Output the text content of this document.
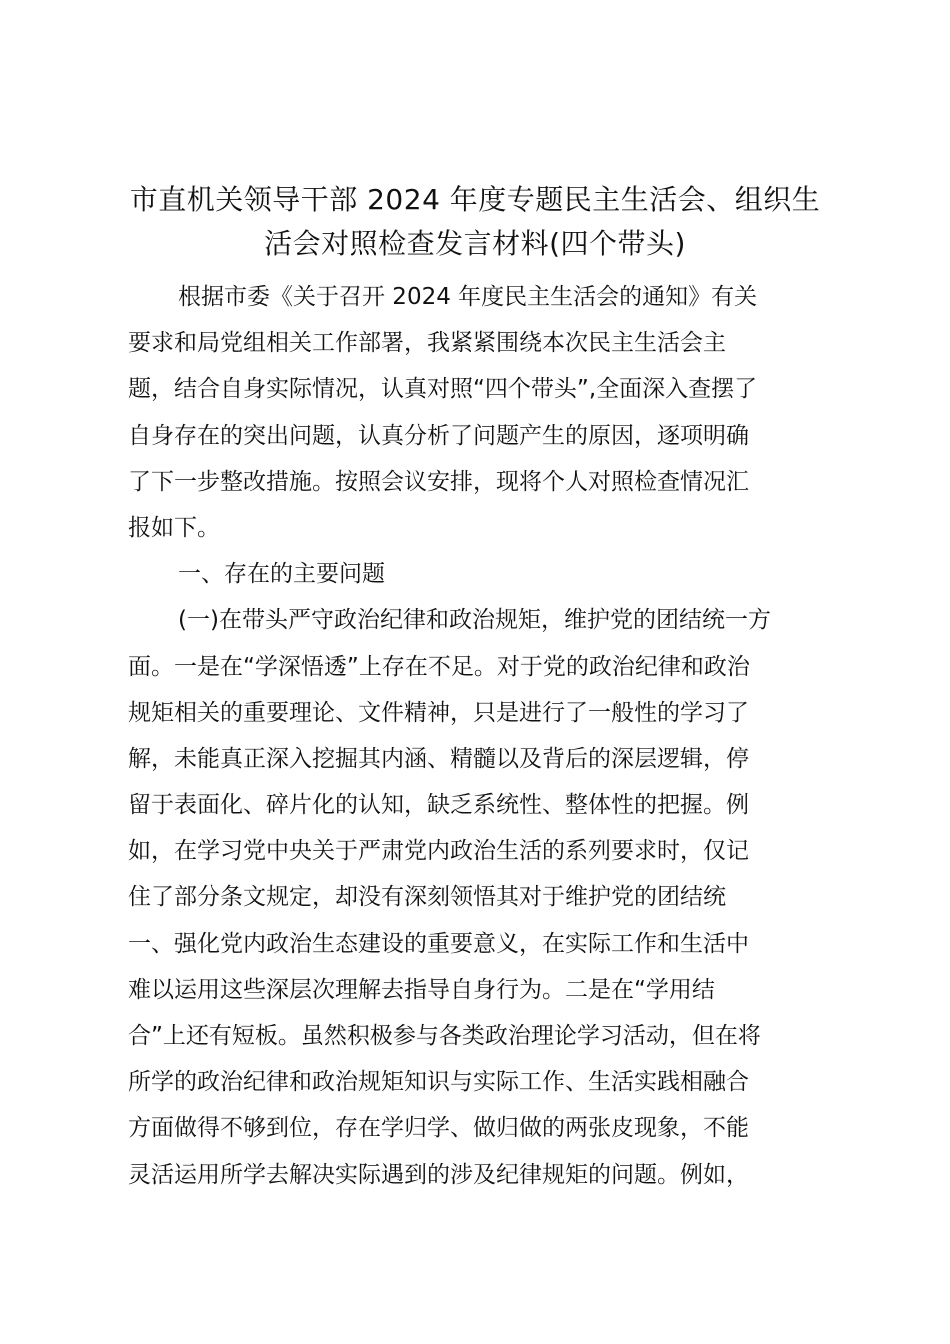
市直机关领导干部 2024 年度专题民主生活会、组织生
活会对照检查发言材料(四个带头)
根据市委《关于召开 2024 年度民主生活会的通知》有关
要求和局党组相关工作部署，我紧紧围绕本次民主生活会主
题，结合自身实际情况，认真对照“四个带头”,全面深入查摆了
自身存在的突出问题，认真分析了问题产生的原因，逐项明确
了下一步整改措施。按照会议安排，现将个人对照检查情况汇
报如下。
一、存在的主要问题
(一)在带头严守政治纪律和政治规矩，维护党的团结统一方
面。一是在“学深悟透”上存在不足。对于党的政治纪律和政治
规矩相关的重要理论、文件精神，只是进行了一般性的学习了
解，未能真正深入挖掘其内涵、精髓以及背后的深层逻辑，停
留于表面化、碎片化的认知，缺乏系统性、整体性的把握。例
如，在学习党中央关于严肃党内政治生活的系列要求时，仅记
住了部分条文规定，却没有深刻领悟其对于维护党的团结统
一、强化党内政治生态建设的重要意义，在实际工作和生活中
难以运用这些深层次理解去指导自身行为。二是在“学用结
合”上还有短板。虽然积极参与各类政治理论学习活动，但在将
所学的政治纪律和政治规矩知识与实际工作、生活实践相融合
方面做得不够到位，存在学归学、做归做的两张皮现象，不能
灵活运用所学去解决实际遇到的涉及纪律规矩的问题。例如，
